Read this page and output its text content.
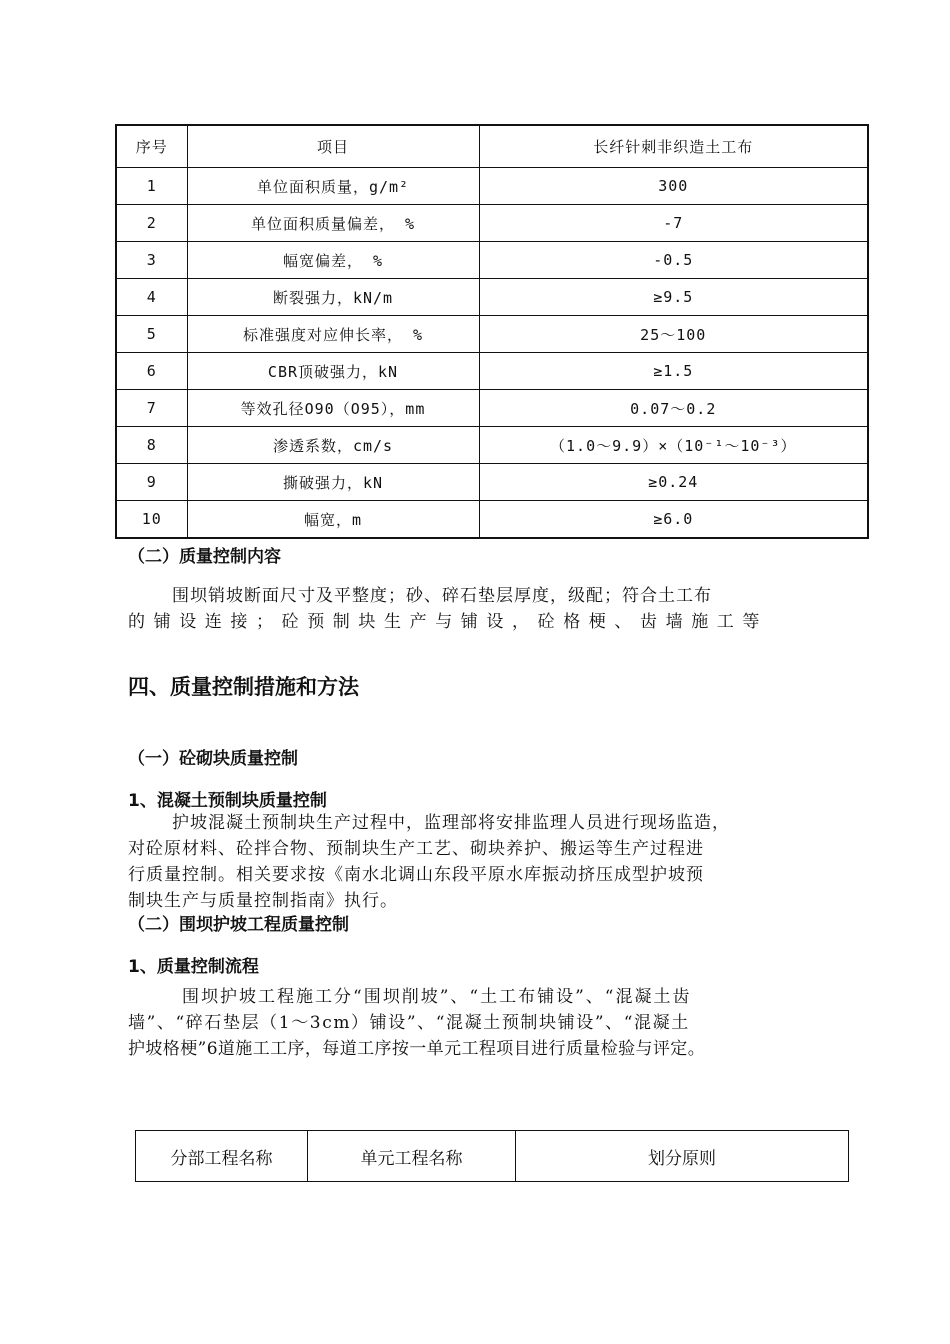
序号	项目	长纤针刺非织造土工布
1	单位面积质量，g/m²	300
2	单位面积质量偏差， %	-7
3	幅宽偏差， %	-0.5
4	断裂强力，kN/m	≥9.5
5	标准强度对应伸长率， %	25～100
6	CBR顶破强力，kN	≥1.5
7	等效孔径O90（O95），mm	0.07～0.2
8	渗透系数，cm/s	（1.0～9.9）×（10⁻¹～10⁻³）
9	撕破强力，kN	≥0.24
10	幅宽，m	≥6.0
（二）质量控制内容
围坝销坡断面尺寸及平整度；砂、碎石垫层厚度，级配；符合土工布
的铺设连接；砼预制块生产与铺设，砼格梗、齿墙施工等
四、质量控制措施和方法
（一）砼砌块质量控制
1、混凝土预制块质量控制
护坡混凝土预制块生产过程中，监理部将安排监理人员进行现场监造，
对砼原材料、砼拌合物、预制块生产工艺、砌块养护、搬运等生产过程进
行质量控制。相关要求按《南水北调山东段平原水库振动挤压成型护坡预
制块生产与质量控制指南》执行。
（二）围坝护坡工程质量控制
1、质量控制流程
围坝护坡工程施工分“围坝削坡”、“土工布铺设”、“混凝土齿
墙”、“碎石垫层（1～3cm）铺设”、“混凝土预制块铺设”、“混凝土
护坡格梗”6道施工工序，每道工序按一单元工程项目进行质量检验与评定。
分部工程名称	单元工程名称	划分原则
